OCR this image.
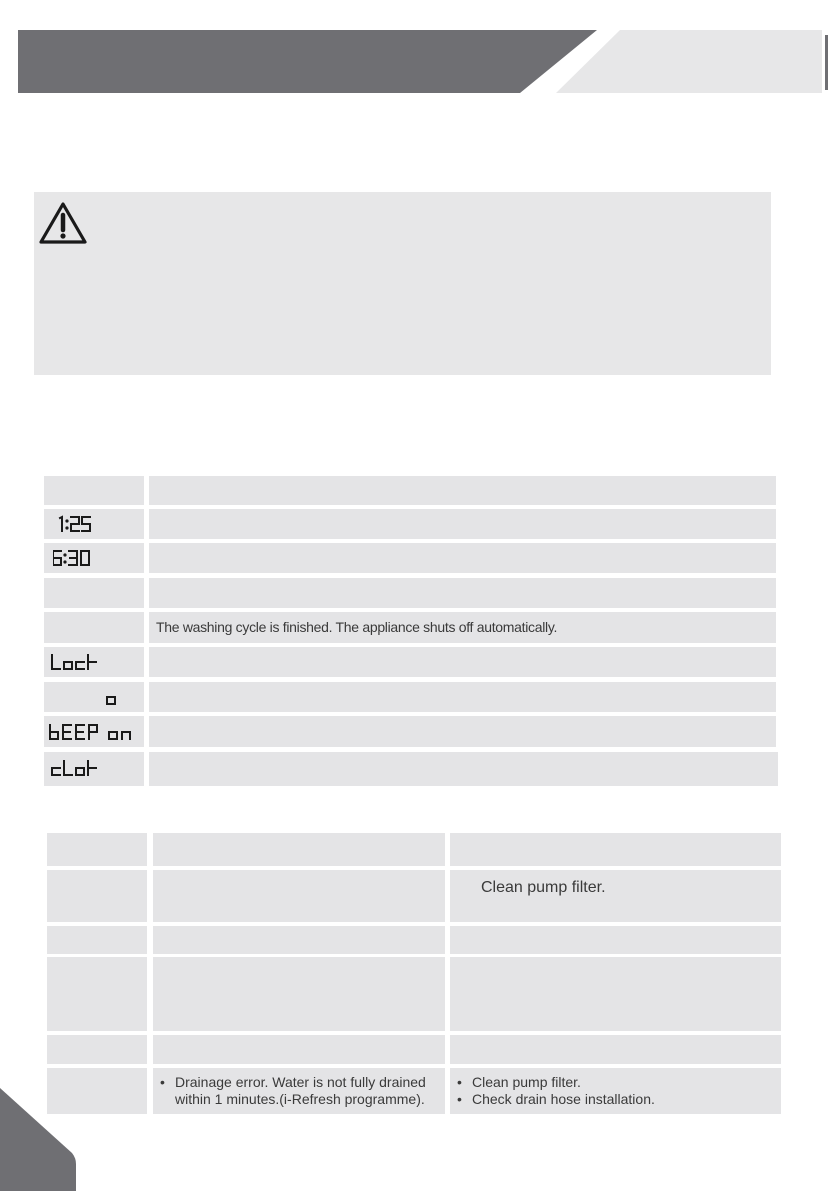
The washing cycle is finished. The appliance shuts off automatically.
Clean pump filter.
• Drainage error. Water is not fully drained
within 1 minutes.(i-Refresh programme).
• Clean pump filter.
• Check drain hose installation.
